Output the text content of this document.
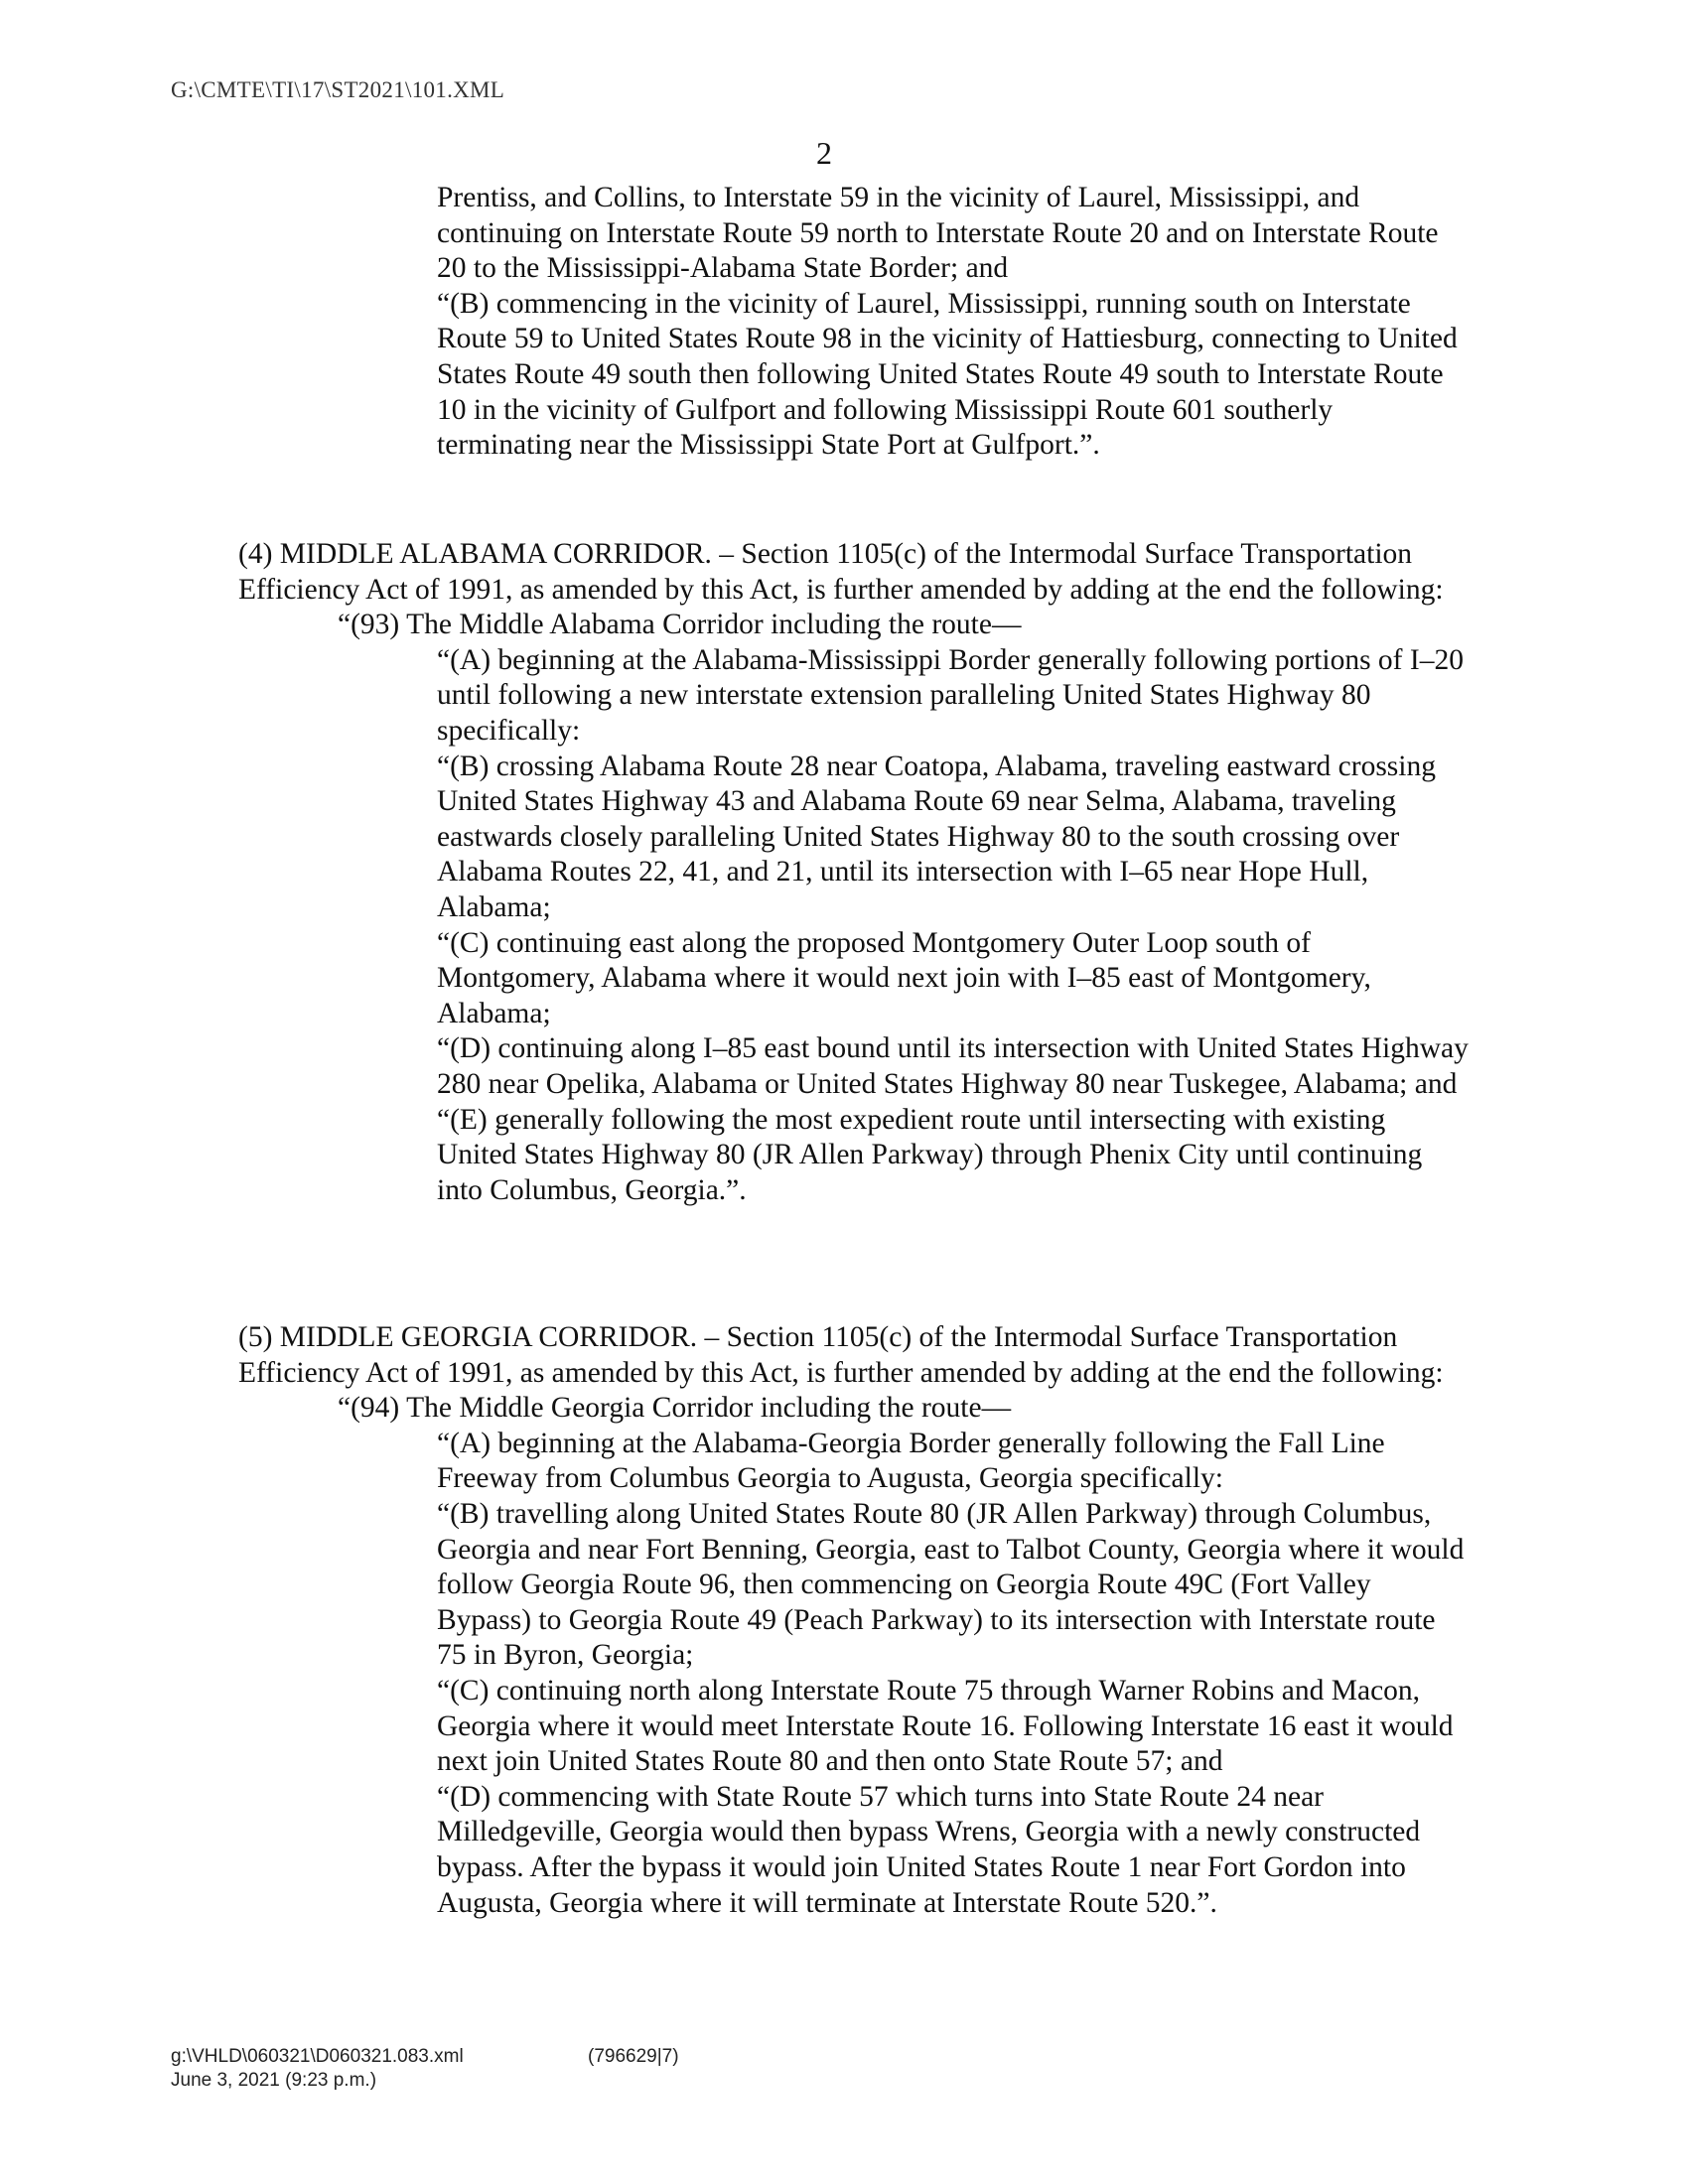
G:\CMTE\TI\17\ST2021\101.XML
2

Prentiss, and Collins, to Interstate 59 in the vicinity of Laurel, Mississippi, and continuing on Interstate Route 59 north to Interstate Route 20 and on Interstate Route 20 to the Mississippi-Alabama State Border; and

“(B) commencing in the vicinity of Laurel, Mississippi, running south on Interstate Route 59 to United States Route 98 in the vicinity of Hattiesburg, connecting to United States Route 49 south then following United States Route 49 south to Interstate Route 10 in the vicinity of Gulfport and following Mississippi Route 601 southerly terminating near the Mississippi State Port at Gulfport.”.

(4) MIDDLE ALABAMA CORRIDOR. – Section 1105(c) of the Intermodal Surface Transportation Efficiency Act of 1991, as amended by this Act, is further amended by adding at the end the following:

“(93) The Middle Alabama Corridor including the route—

“(A) beginning at the Alabama-Mississippi Border generally following portions of I–20 until following a new interstate extension paralleling United States Highway 80 specifically:

“(B) crossing Alabama Route 28 near Coatopa, Alabama, traveling eastward crossing United States Highway 43 and Alabama Route 69 near Selma, Alabama, traveling eastwards closely paralleling United States Highway 80 to the south crossing over Alabama Routes 22, 41, and 21, until its intersection with I–65 near Hope Hull, Alabama;

“(C) continuing east along the proposed Montgomery Outer Loop south of Montgomery, Alabama where it would next join with I–85 east of Montgomery, Alabama;

“(D) continuing along I–85 east bound until its intersection with United States Highway 280 near Opelika, Alabama or United States Highway 80 near Tuskegee, Alabama; and

“(E) generally following the most expedient route until intersecting with existing United States Highway 80 (JR Allen Parkway) through Phenix City until continuing into Columbus, Georgia.”.

(5) MIDDLE GEORGIA CORRIDOR. – Section 1105(c) of the Intermodal Surface Transportation Efficiency Act of 1991, as amended by this Act, is further amended by adding at the end the following:

“(94) The Middle Georgia Corridor including the route—

“(A) beginning at the Alabama-Georgia Border generally following the Fall Line Freeway from Columbus Georgia to Augusta, Georgia specifically:

“(B) travelling along United States Route 80 (JR Allen Parkway) through Columbus, Georgia and near Fort Benning, Georgia, east to Talbot County, Georgia where it would follow Georgia Route 96, then commencing on Georgia Route 49C (Fort Valley Bypass) to Georgia Route 49 (Peach Parkway) to its intersection with Interstate route 75 in Byron, Georgia;

“(C) continuing north along Interstate Route 75 through Warner Robins and Macon, Georgia where it would meet Interstate Route 16. Following Interstate 16 east it would next join United States Route 80 and then onto State Route 57; and

“(D) commencing with State Route 57 which turns into State Route 24 near Milledgeville, Georgia would then bypass Wrens, Georgia with a newly constructed bypass. After the bypass it would join United States Route 1 near Fort Gordon into Augusta, Georgia where it will terminate at Interstate Route 520.”.

g:\VHLD\060321\D060321.083.xml	(796629|7)
June 3, 2021 (9:23 p.m.)
